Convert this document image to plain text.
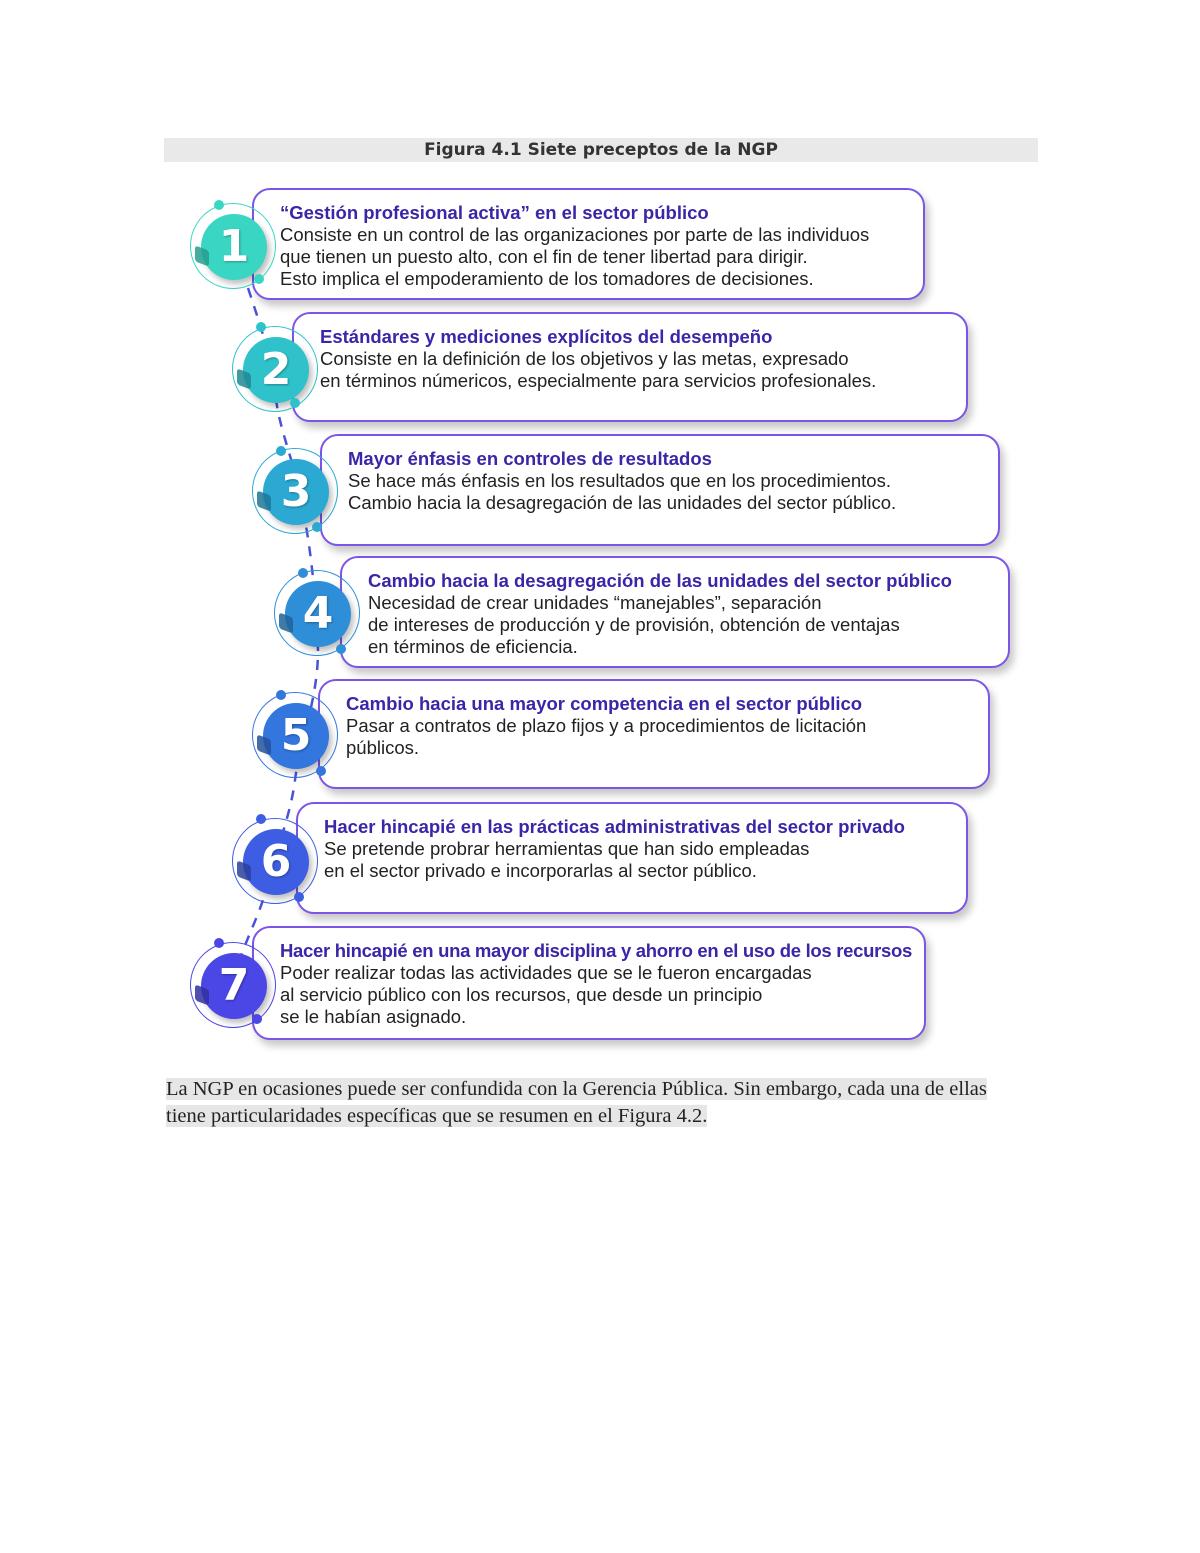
Figura 4.1 Siete preceptos de la NGP
“Gestión profesional activa” en el sector público
Consiste en un control de las organizaciones por parte de las individuos
que tienen un puesto alto, con el fin de tener libertad para dirigir.
Esto implica el empoderamiento de los tomadores de decisiones.
1
Estándares y mediciones explícitos del desempeño
Consiste en la definición de los objetivos y las metas, expresado
en términos númericos, especialmente para servicios profesionales.
2
Mayor énfasis en controles de resultados
Se hace más énfasis en los resultados que en los procedimientos.
Cambio hacia la desagregación de las unidades del sector público.
3
Cambio hacia la desagregación de las unidades del sector público
Necesidad de crear unidades “manejables”, separación
de intereses de producción y de provisión, obtención de ventajas
en términos de eficiencia.
4
Cambio hacia una mayor competencia en el sector público
Pasar a contratos de plazo fijos y a procedimientos de licitación
públicos.
5
Hacer hincapié en las prácticas administrativas del sector privado
Se pretende probrar herramientas que han sido empleadas
en el sector privado e incorporarlas al sector público.
6
Hacer hincapié en una mayor disciplina y ahorro en el uso de los recursos
Poder realizar todas las actividades que se le fueron encargadas
al servicio público con los recursos, que desde un principio
se le habían asignado.
7
La NGP en ocasiones puede ser confundida con la Gerencia Pública. Sin embargo, cada una de ellas
tiene particularidades específicas que se resumen en el Figura 4.2.
